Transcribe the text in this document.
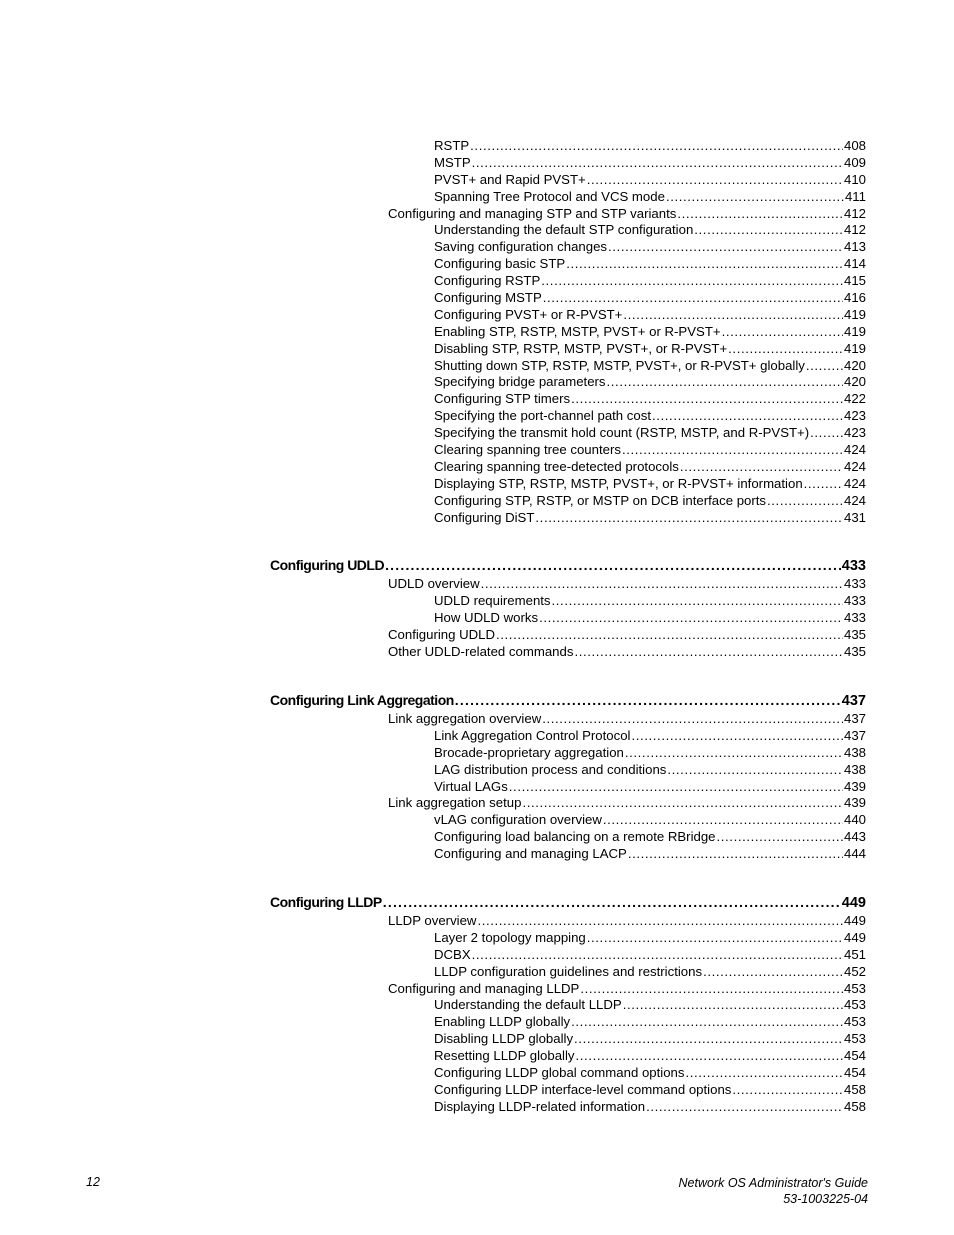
RSTP .....	408
MSTP .....	409
PVST+ and Rapid PVST+ .....	410
Spanning Tree Protocol and VCS mode .....	411
Configuring and managing STP and STP variants .....	412
Understanding the default STP configuration .....	412
Saving configuration changes .....	413
Configuring basic STP .....	414
Configuring RSTP .....	415
Configuring MSTP .....	416
Configuring PVST+ or R-PVST+ .....	419
Enabling STP, RSTP, MSTP, PVST+ or R-PVST+ .....	419
Disabling STP, RSTP, MSTP, PVST+, or R-PVST+ .....	419
Shutting down STP, RSTP, MSTP, PVST+, or R-PVST+ globally .....	420
Specifying bridge parameters .....	420
Configuring STP timers .....	422
Specifying the port-channel path cost .....	423
Specifying the transmit hold count (RSTP, MSTP, and R-PVST+) .....	423
Clearing spanning tree counters .....	424
Clearing spanning tree-detected protocols .....	424
Displaying STP, RSTP, MSTP, PVST+, or R-PVST+ information .....	424
Configuring STP, RSTP, or MSTP on DCB interface ports .....	424
Configuring DiST .....	431
Configuring UDLD .....	433
UDLD overview .....	433
UDLD requirements .....	433
How UDLD works .....	433
Configuring UDLD .....	435
Other UDLD-related commands .....	435
Configuring Link Aggregation .....	437
Link aggregation overview .....	437
Link Aggregation Control Protocol .....	437
Brocade-proprietary aggregation .....	438
LAG distribution process and conditions .....	438
Virtual LAGs .....	439
Link aggregation setup .....	439
vLAG configuration overview .....	440
Configuring load balancing on a remote RBridge .....	443
Configuring and managing LACP .....	444
Configuring LLDP .....	449
LLDP overview .....	449
Layer 2 topology mapping .....	449
DCBX .....	451
LLDP configuration guidelines and restrictions .....	452
Configuring and managing LLDP .....	453
Understanding the default LLDP .....	453
Enabling LLDP globally .....	453
Disabling LLDP globally .....	453
Resetting LLDP globally .....	454
Configuring LLDP global command options .....	454
Configuring LLDP interface-level command options .....	458
Displaying LLDP-related information .....	458
12	Network OS Administrator's Guide
53-1003225-04
